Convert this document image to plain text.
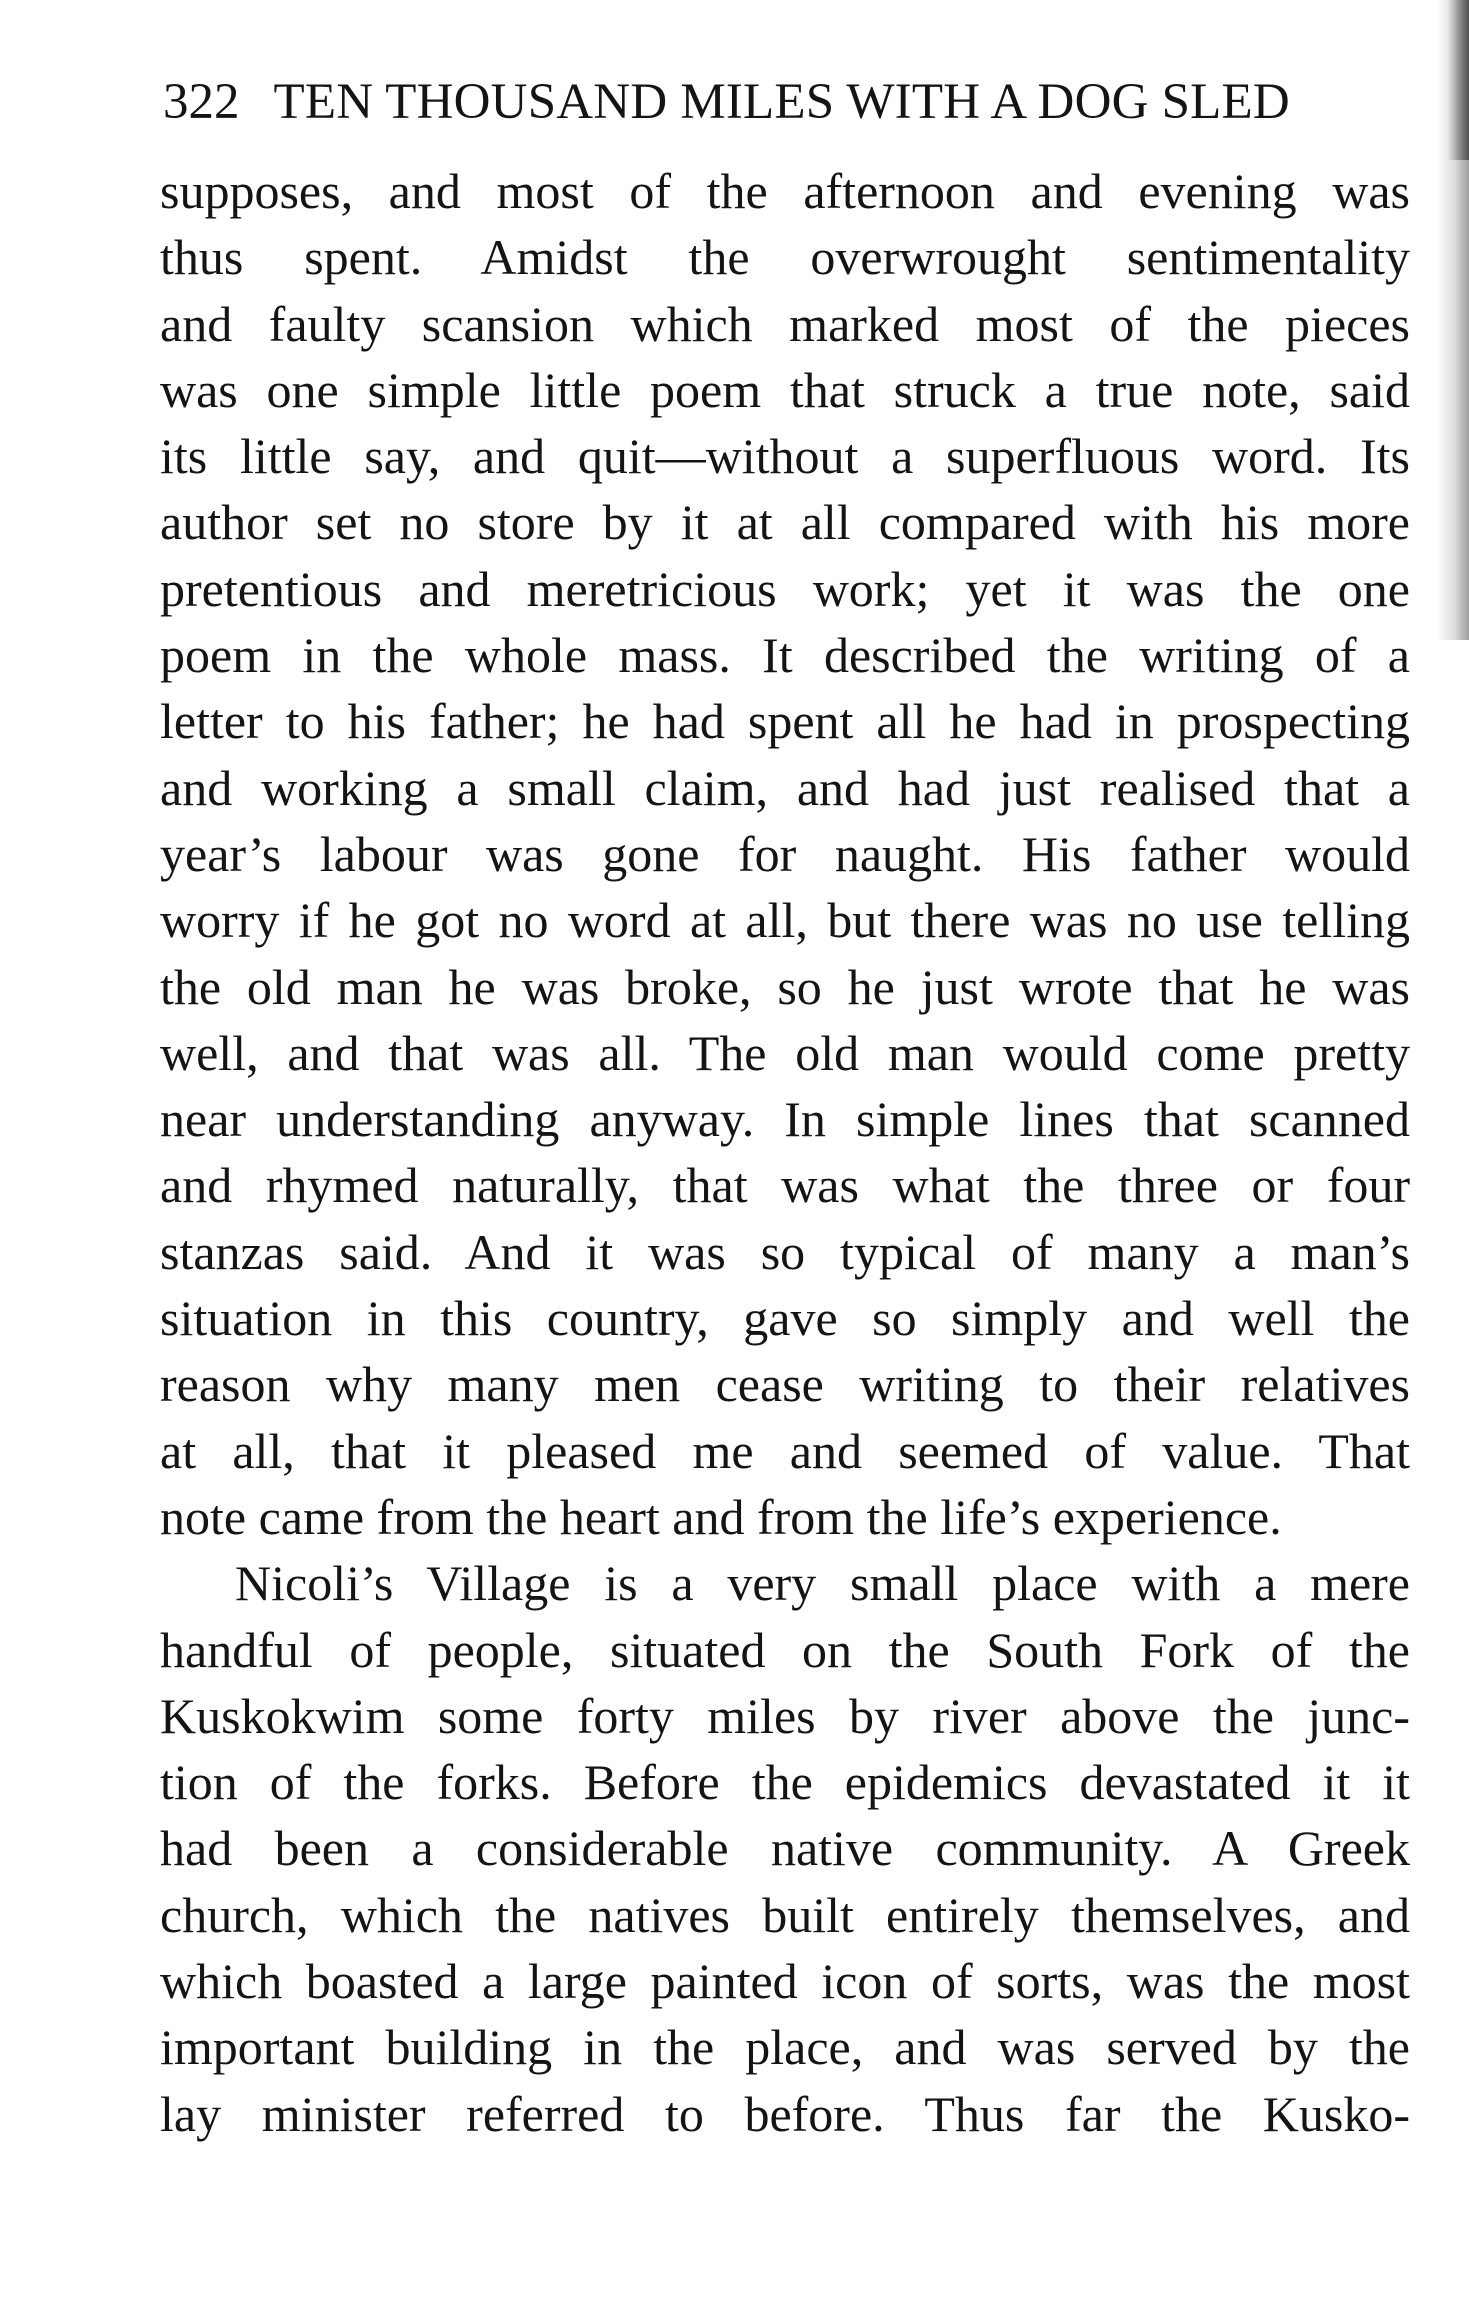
322 TEN THOUSAND MILES WITH A DOG SLED
supposes, and most of the afternoon and evening was
thus spent. Amidst the overwrought sentimentality
and faulty scansion which marked most of the pieces
was one simple little poem that struck a true note, said
its little say, and quit—without a superfluous word. Its
author set no store by it at all compared with his more
pretentious and meretricious work; yet it was the one
poem in the whole mass. It described the writing of a
letter to his father; he had spent all he had in prospecting
and working a small claim, and had just realised that a
year’s labour was gone for naught. His father would
worry if he got no word at all, but there was no use telling
the old man he was broke, so he just wrote that he was
well, and that was all. The old man would come pretty
near understanding anyway. In simple lines that scanned
and rhymed naturally, that was what the three or four
stanzas said. And it was so typical of many a man’s
situation in this country, gave so simply and well the
reason why many men cease writing to their relatives
at all, that it pleased me and seemed of value. That
note came from the heart and from the life’s experience.
Nicoli’s Village is a very small place with a mere
handful of people, situated on the South Fork of the
Kuskokwim some forty miles by river above the junc-
tion of the forks. Before the epidemics devastated it it
had been a considerable native community. A Greek
church, which the natives built entirely themselves, and
which boasted a large painted icon of sorts, was the most
important building in the place, and was served by the
lay minister referred to before. Thus far the Kusko-
